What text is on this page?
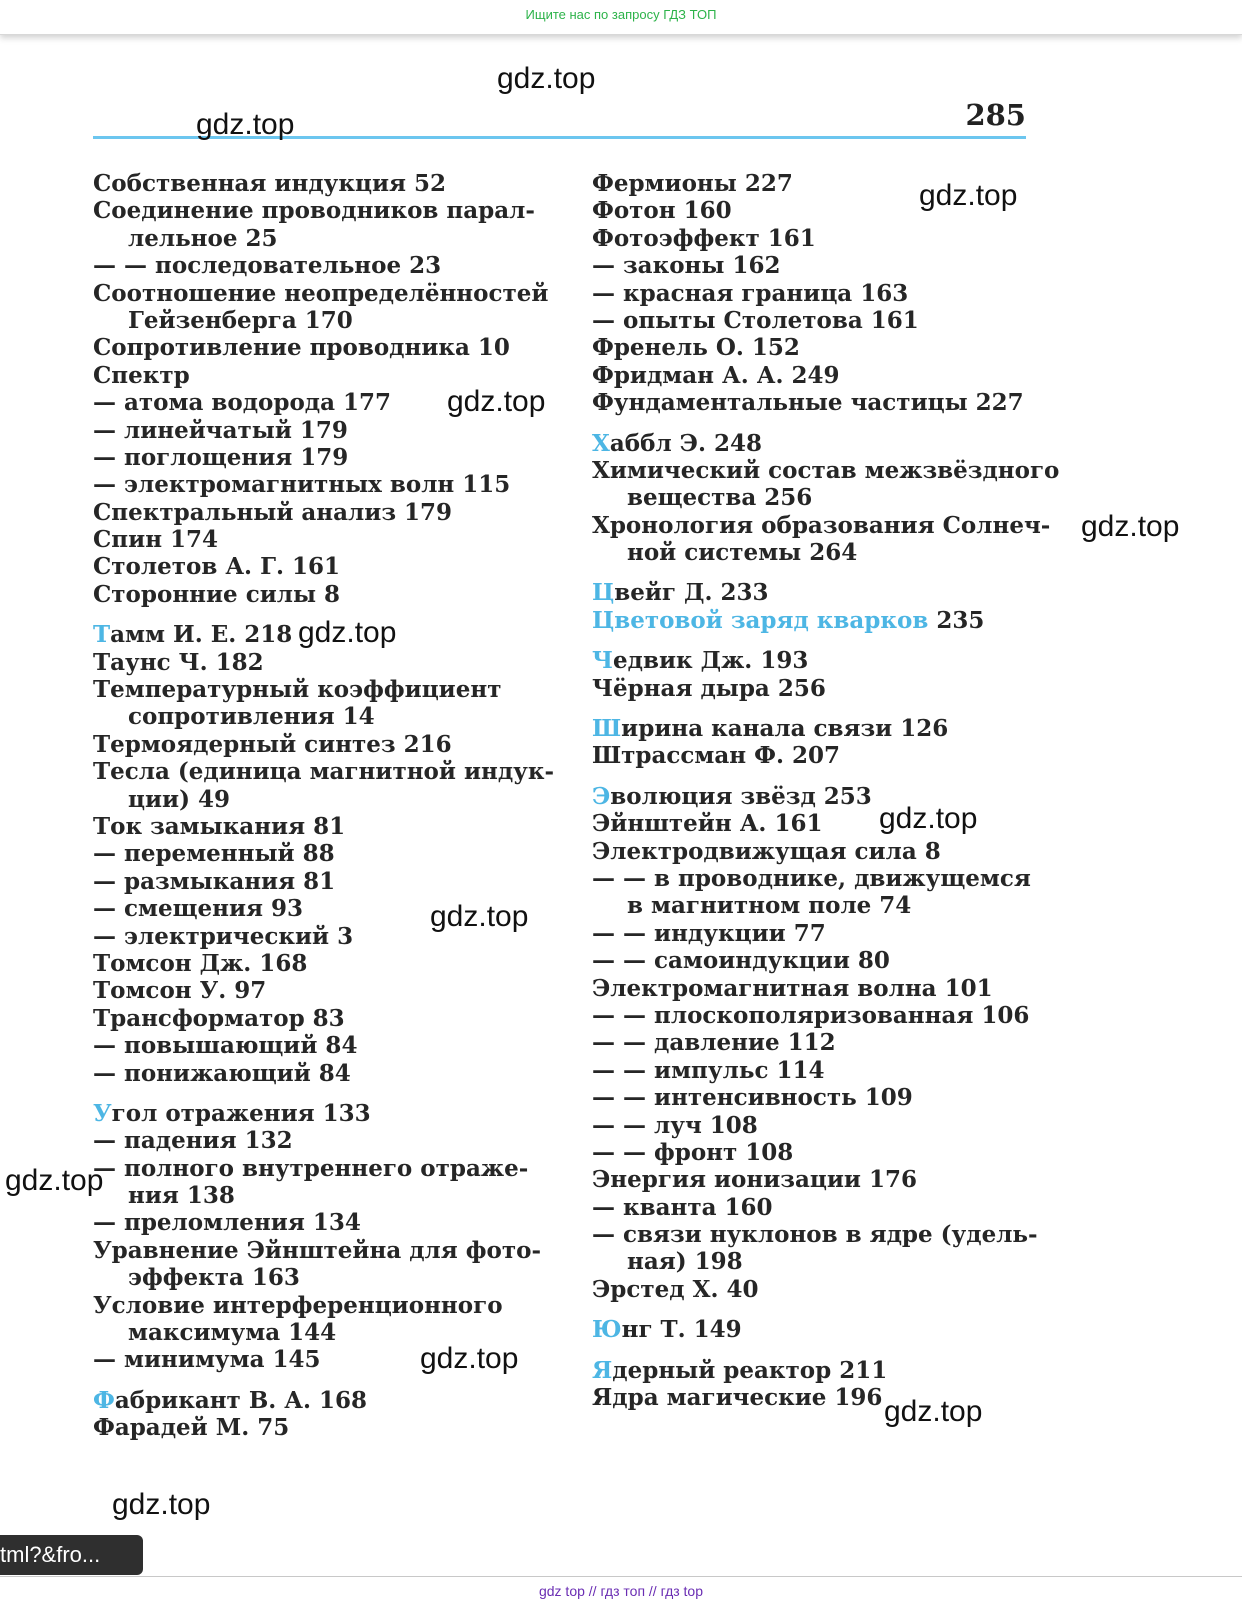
Ищите нас по запросу ГДЗ ТОП
285
Собственная индукция 52
Соединение проводников парал-
лельное 25
— — последовательное 23
Соотношение неопределённостей
Гейзенберга 170
Сопротивление проводника 10
Спектр
— атома водорода 177
— линейчатый 179
— поглощения 179
— электромагнитных волн 115
Спектральный анализ 179
Спин 174
Столетов А. Г. 161
Сторонние силы 8
Тамм И. Е. 218
Таунс Ч. 182
Температурный коэффициент
сопротивления 14
Термоядерный синтез 216
Тесла (единица магнитной индук-
ции) 49
Ток замыкания 81
— переменный 88
— размыкания 81
— смещения 93
— электрический 3
Томсон Дж. 168
Томсон У. 97
Трансформатор 83
— повышающий 84
— понижающий 84
Угол отражения 133
— падения 132
— полного внутреннего отраже-
ния 138
— преломления 134
Уравнение Эйнштейна для фото-
эффекта 163
Условие интерференционного
максимума 144
— минимума 145
Фабрикант В. А. 168
Фарадей М. 75
Фермионы 227
Фотон 160
Фотоэффект 161
— законы 162
— красная граница 163
— опыты Столетова 161
Френель О. 152
Фридман А. А. 249
Фундаментальные частицы 227
Хаббл Э. 248
Химический состав межзвёздного
вещества 256
Хронология образования Солнеч-
ной системы 264
Цвейг Д. 233
Цветовой заряд кварков 235
Чедвик Дж. 193
Чёрная дыра 256
Ширина канала связи 126
Штрассман Ф. 207
Эволюция звёзд 253
Эйнштейн А. 161
Электродвижущая сила 8
— — в проводнике, движущемся
в магнитном поле 74
— — индукции 77
— — самоиндукции 80
Электромагнитная волна 101
— — плоскополяризованная 106
— — давление 112
— — импульс 114
— — интенсивность 109
— — луч 108
— — фронт 108
Энергия ионизации 176
— кванта 160
— связи нуклонов в ядре (удель-
ная) 198
Эрстед Х. 40
Юнг Т. 149
Ядерный реактор 211
Ядра магические 196
gdz.top
gdz.top
gdz.top
gdz.top
gdz.top
gdz.top
gdz.top
gdz.top
gdz.top
gdz.top
gdz.top
gdz.top
tml?&fro...
gdz top // гдз топ // гдз top
